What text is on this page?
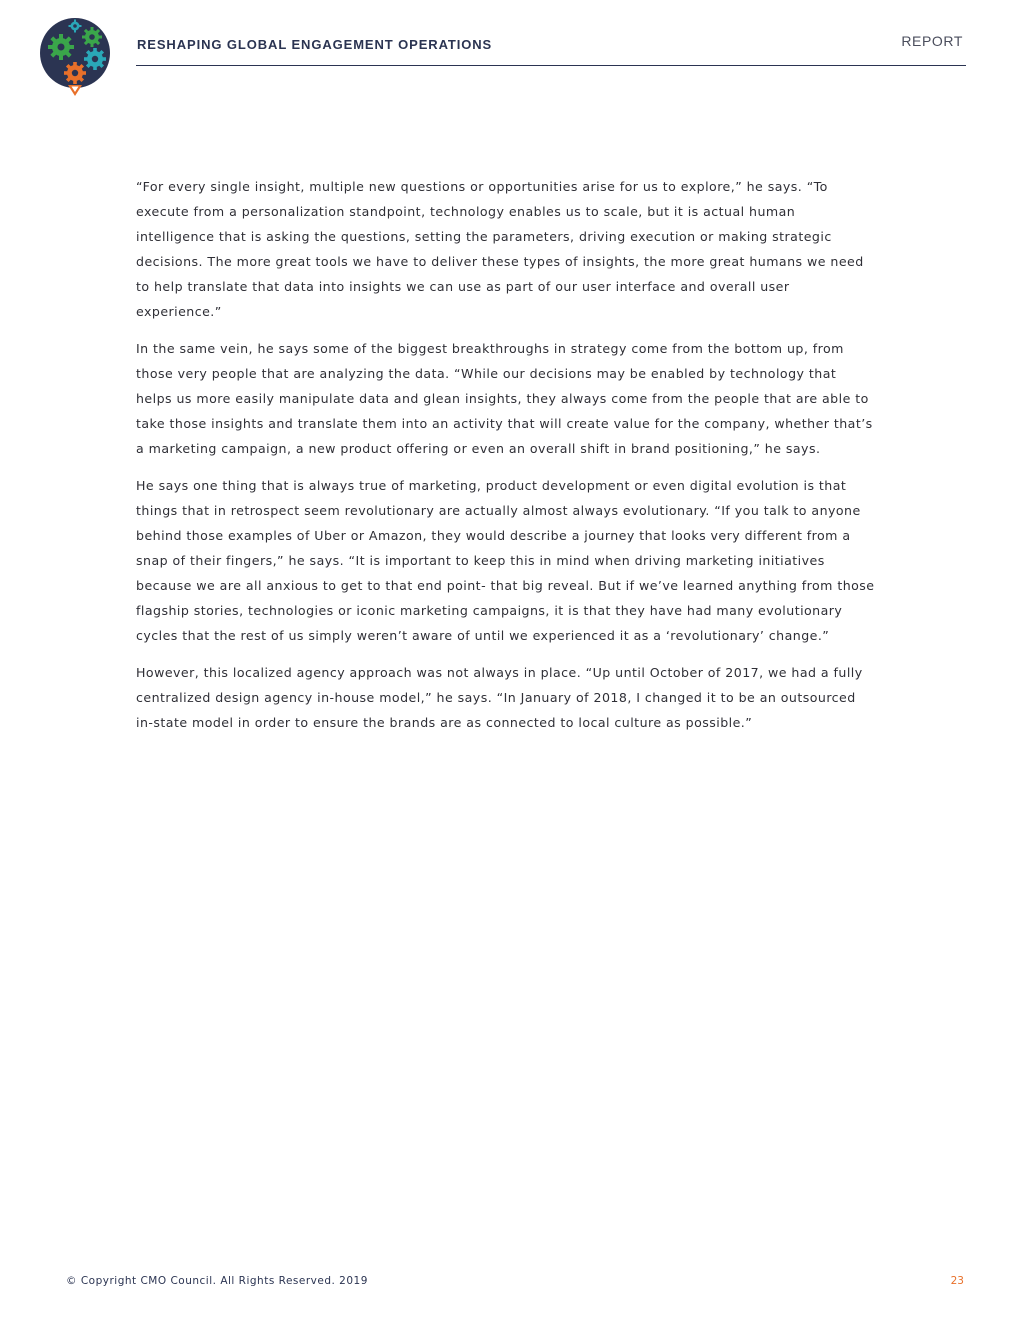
RESHAPING GLOBAL ENGAGEMENT OPERATIONS	REPORT

“For every single insight, multiple new questions or opportunities arise for us to explore,” he says. “To execute from a personalization standpoint, technology enables us to scale, but it is actual human intelligence that is asking the questions, setting the parameters, driving execution or making strategic decisions. The more great tools we have to deliver these types of insights, the more great humans we need to help translate that data into insights we can use as part of our user interface and overall user experience.”

In the same vein, he says some of the biggest breakthroughs in strategy come from the bottom up, from those very people that are analyzing the data. “While our decisions may be enabled by technology that helps us more easily manipulate data and glean insights, they always come from the people that are able to take those insights and translate them into an activity that will create value for the company, whether that’s a marketing campaign, a new product offering or even an overall shift in brand positioning,” he says.

He says one thing that is always true of marketing, product development or even digital evolution is that things that in retrospect seem revolutionary are actually almost always evolutionary. “If you talk to anyone behind those examples of Uber or Amazon, they would describe a journey that looks very different from a snap of their fingers,” he says. “It is important to keep this in mind when driving marketing initiatives because we are all anxious to get to that end point- that big reveal. But if we’ve learned anything from those flagship stories, technologies or iconic marketing campaigns, it is that they have had many evolutionary cycles that the rest of us simply weren’t aware of until we experienced it as a ‘revolutionary’ change.”

However, this localized agency approach was not always in place. “Up until October of 2017, we had a fully centralized design agency in-house model,” he says. “In January of 2018, I changed it to be an outsourced in-state model in order to ensure the brands are as connected to local culture as possible.”

© Copyright CMO Council. All Rights Reserved. 2019	23
